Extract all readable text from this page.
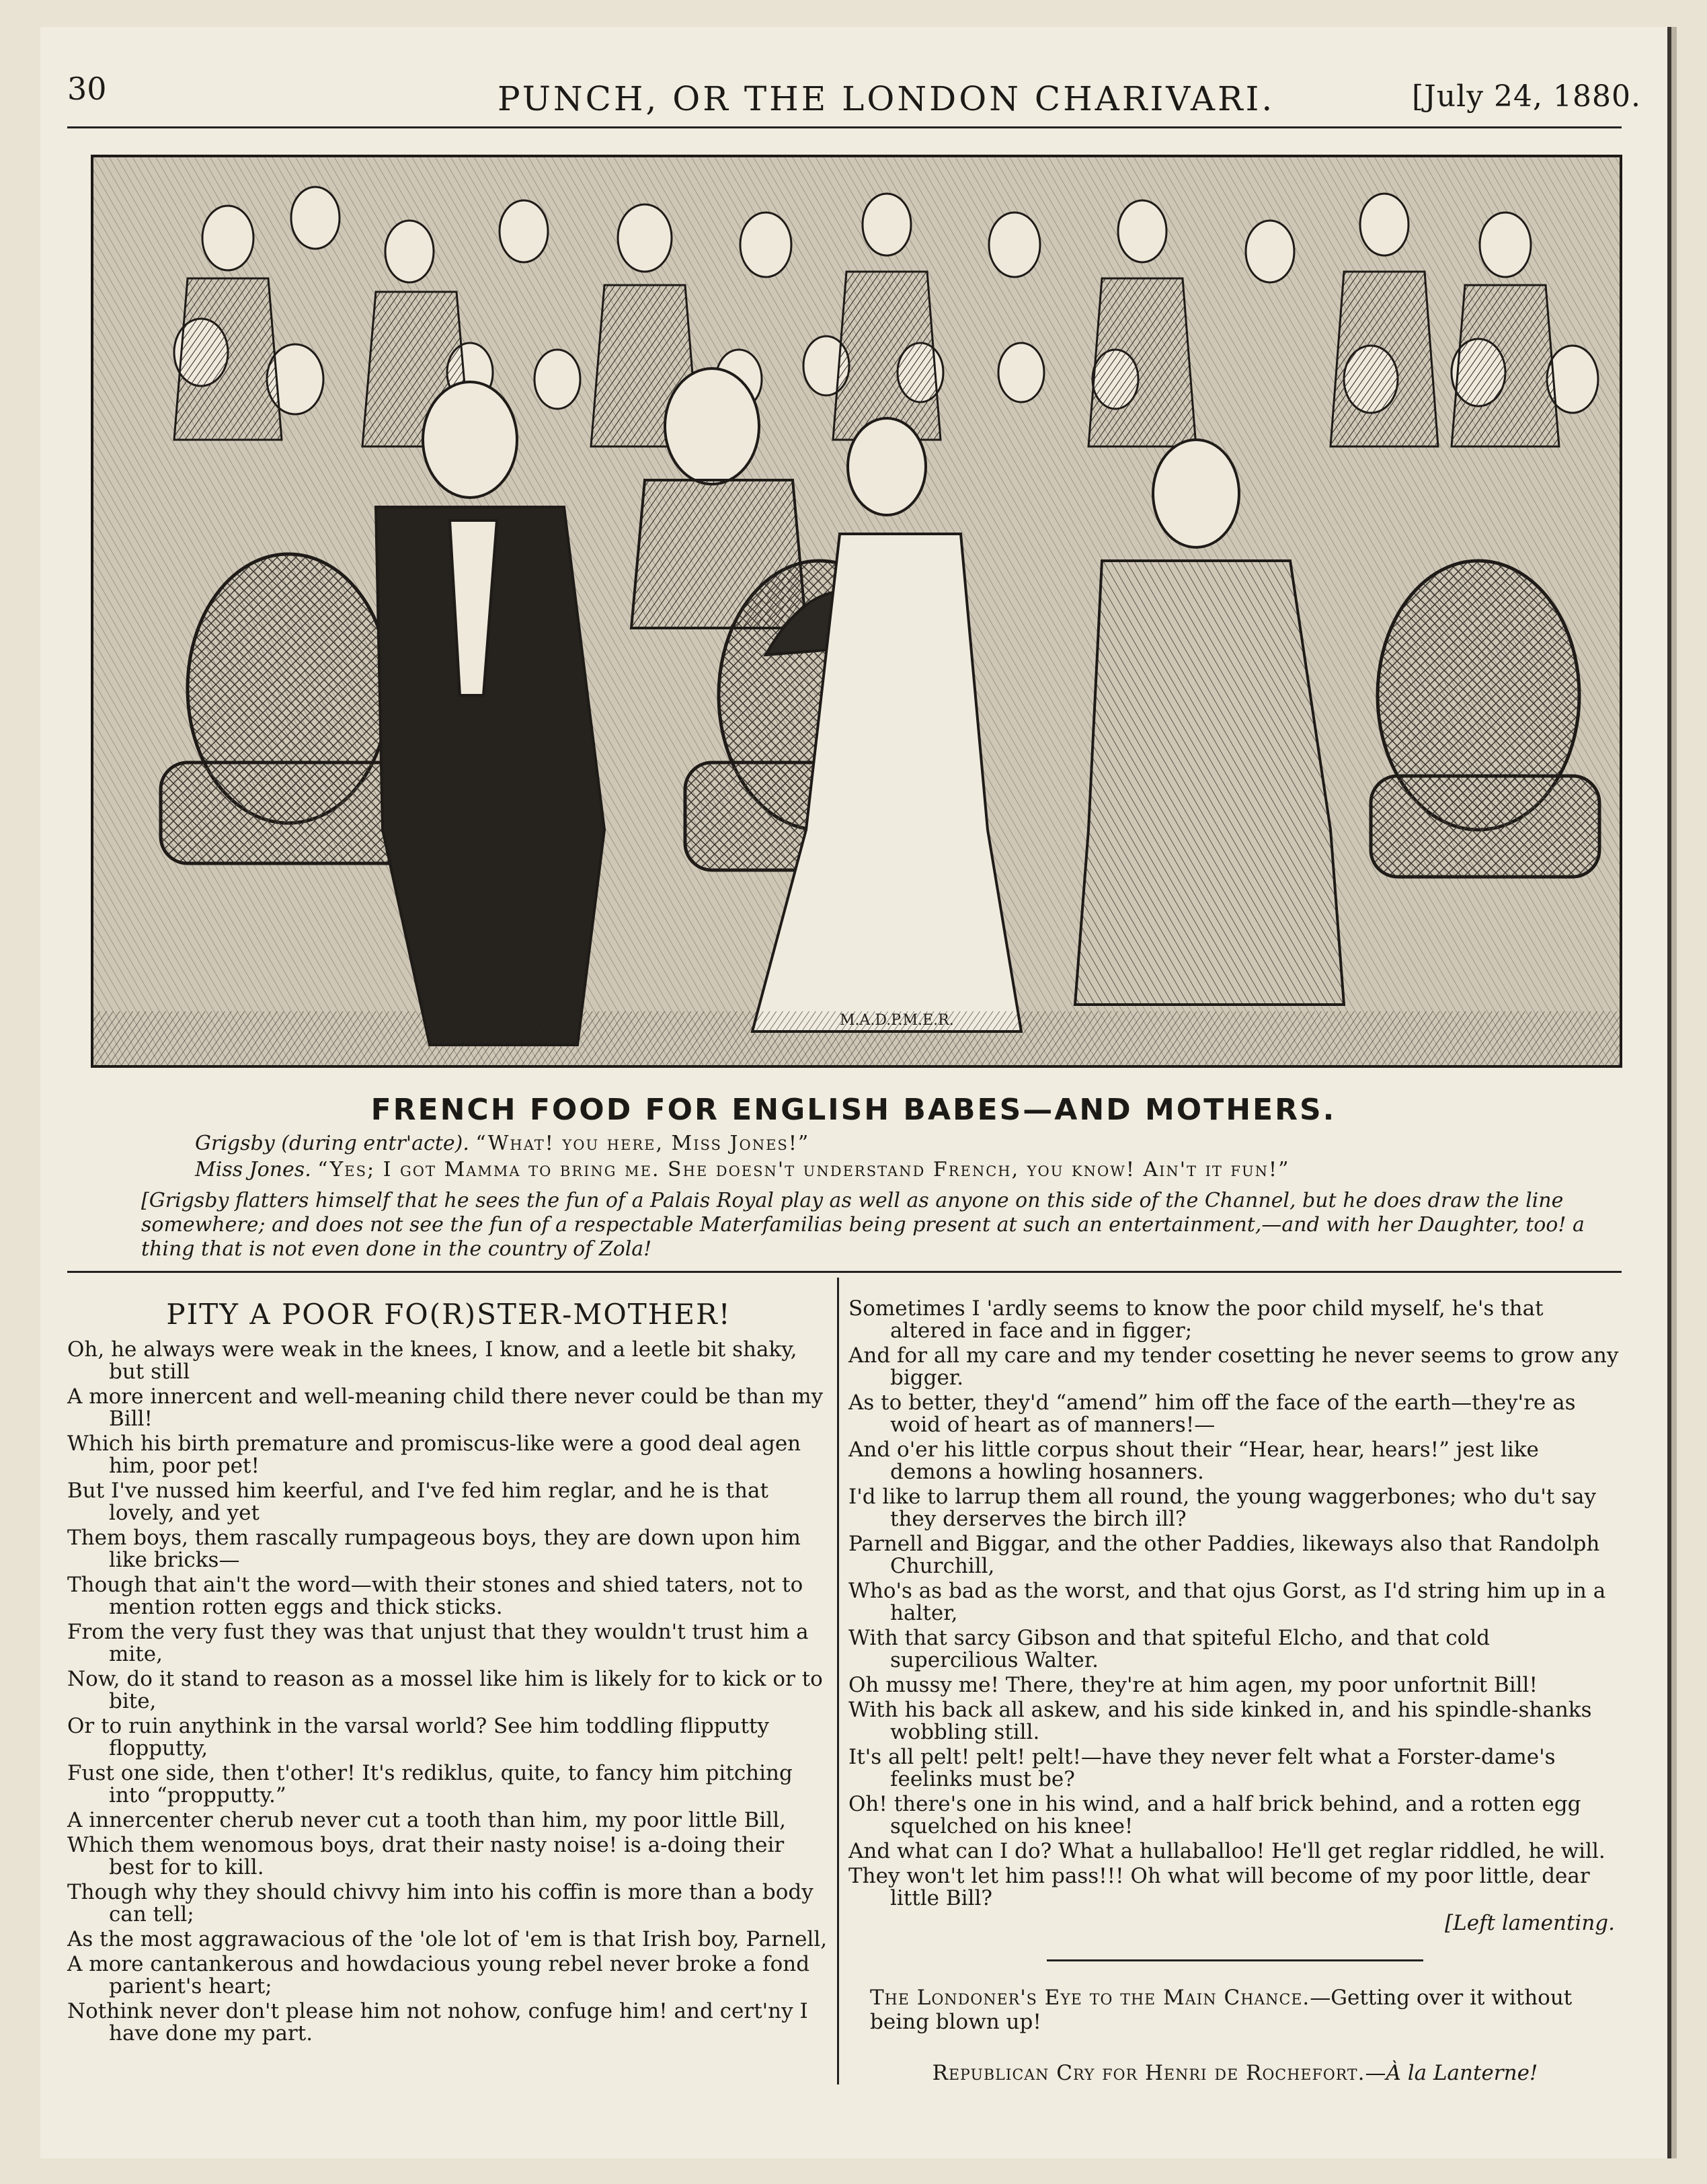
30	PUNCH, OR THE LONDON CHARIVARI.	[July 24, 1880.
M.A.D.P.M.E.R.
FRENCH FOOD FOR ENGLISH BABES—AND MOTHERS.
Grigsby (during entr'acte). “What! you here, Miss Jones!”
Miss Jones. “Yes; I got Mamma to bring me. She doesn't understand French, you know! Ain't it fun!”
[Grigsby flatters himself that he sees the fun of a Palais Royal play as well as anyone on this side of the Channel, but he does draw the line somewhere; and does not see the fun of a respectable Materfamilias being present at such an entertainment,—and with her Daughter, too! a thing that is not even done in the country of Zola!
PITY A POOR FO(R)STER-MOTHER!
Oh, he always were weak in the knees, I know, and a leetle bit shaky, but still
A more innercent and well-meaning child there never could be than my Bill!
Which his birth premature and promiscus-like were a good deal agen him, poor pet!
But I've nussed him keerful, and I've fed him reglar, and he is that lovely, and yet
Them boys, them rascally rumpageous boys, they are down upon him like bricks—
Though that ain't the word—with their stones and shied taters, not to mention rotten eggs and thick sticks.
From the very fust they was that unjust that they wouldn't trust him a mite,
Now, do it stand to reason as a mossel like him is likely for to kick or to bite,
Or to ruin anythink in the varsal world? See him toddling flipputty flopputty,
Fust one side, then t'other! It's rediklus, quite, to fancy him pitching into “propputty.”
A innercenter cherub never cut a tooth than him, my poor little Bill,
Which them wenomous boys, drat their nasty noise! is a-doing their best for to kill.
Though why they should chivvy him into his coffin is more than a body can tell;
As the most aggrawacious of the 'ole lot of 'em is that Irish boy, Parnell,
A more cantankerous and howdacious young rebel never broke a fond parient's heart;
Nothink never don't please him not nohow, confuge him! and cert'ny I have done my part.
Sometimes I 'ardly seems to know the poor child myself, he's that altered in face and in figger;
And for all my care and my tender cosetting he never seems to grow any bigger.
As to better, they'd “amend” him off the face of the earth—they're as woid of heart as of manners!—
And o'er his little corpus shout their “Hear, hear, hears!” jest like demons a howling hosanners.
I'd like to larrup them all round, the young waggerbones; who du't say they derserves the birch ill?
Parnell and Biggar, and the other Paddies, likeways also that Randolph Churchill,
Who's as bad as the worst, and that ojus Gorst, as I'd string him up in a halter,
With that sarcy Gibson and that spiteful Elcho, and that cold supercilious Walter.
Oh mussy me! There, they're at him agen, my poor unfortnit Bill!
With his back all askew, and his side kinked in, and his spindle-shanks wobbling still.
It's all pelt! pelt! pelt!—have they never felt what a Forster-dame's feelinks must be?
Oh! there's one in his wind, and a half brick behind, and a rotten egg squelched on his knee!
And what can I do? What a hullaballoo! He'll get reglar riddled, he will.
They won't let him pass!!! Oh what will become of my poor little, dear little Bill?
[Left lamenting.
The Londoner's Eye to the Main Chance.—Getting over it without being blown up!
Republican Cry for Henri de Rochefort.—À la Lanterne!
